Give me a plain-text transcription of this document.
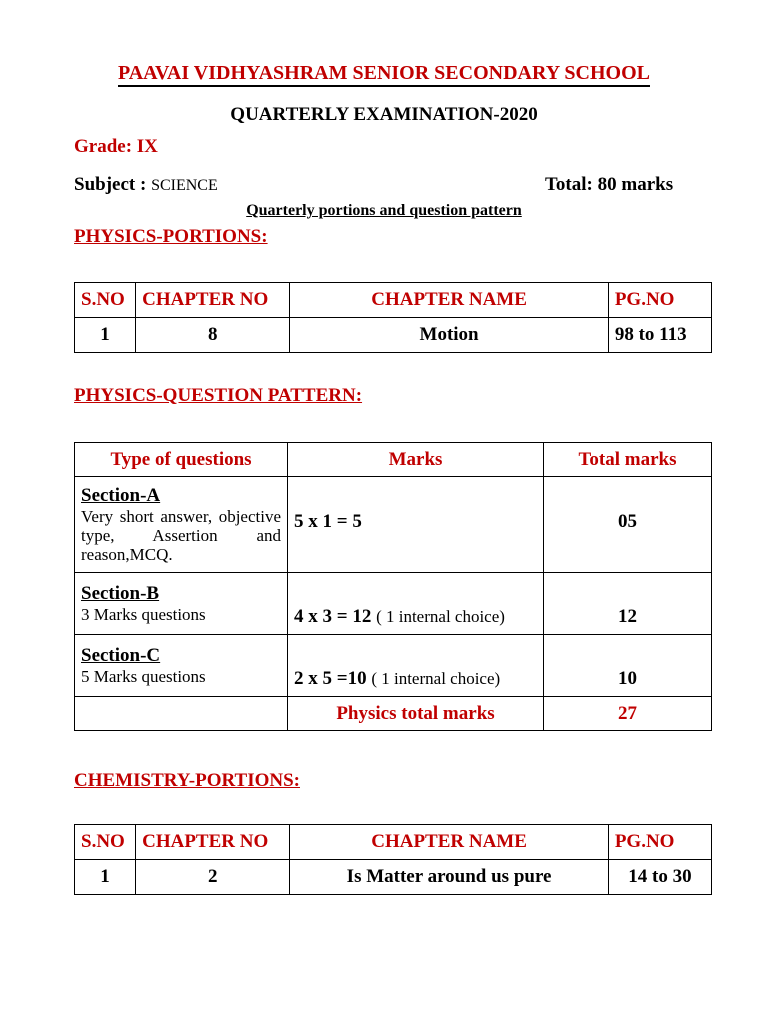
PAAVAI VIDHYASHRAM SENIOR SECONDARY SCHOOL
QUARTERLY EXAMINATION-2020
Grade: IX
Subject : SCIENCE	Total: 80 marks
Quarterly portions and question pattern
PHYSICS-PORTIONS:
S.NO	CHAPTER NO	CHAPTER NAME	PG.NO
1	8	Motion	98 to 113
PHYSICS-QUESTION PATTERN:
Type of questions	Marks	Total marks

Section-A
Very short answer, objective type, Assertion and reason,MCQ.	5 x 1 = 5	05

Section-B
3 Marks questions	4 x 3 = 12 ( 1 internal choice)	12

Section-C
5 Marks questions	2 x 5 =10 ( 1 internal choice)	10
	Physics total marks	27
CHEMISTRY-PORTIONS:
S.NO	CHAPTER NO	CHAPTER NAME	PG.NO
1	2	Is Matter around us pure	14 to 30
